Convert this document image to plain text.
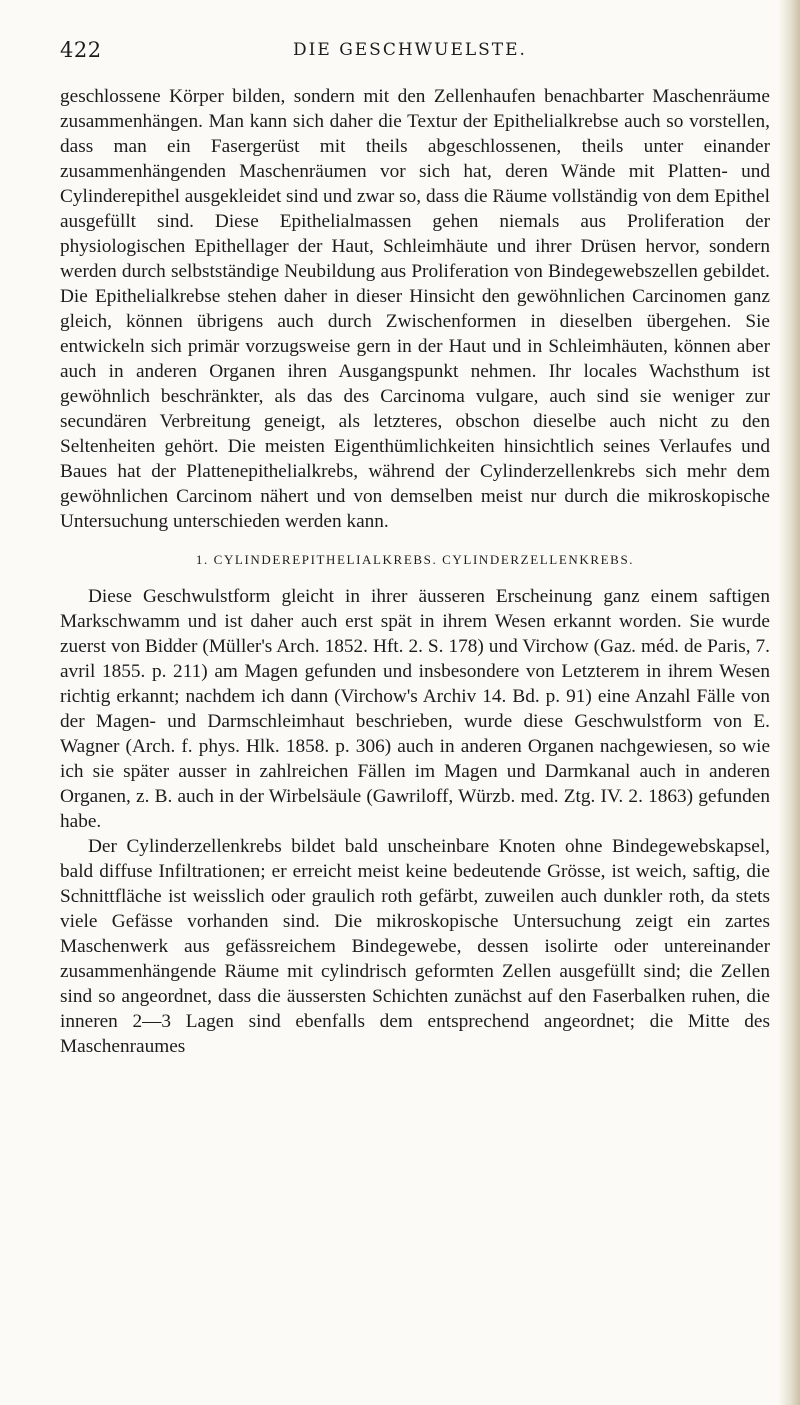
422	DIE GESCHWUELSTE.

geschlossene Körper bilden, sondern mit den Zellenhaufen benachbarter Maschenräume zusammenhängen. Man kann sich daher die Textur der Epithelialkrebse auch so vorstellen, dass man ein Fasergerüst mit theils abgeschlossenen, theils unter einander zusammenhängenden Maschenräumen vor sich hat, deren Wände mit Platten- und Cylinderepithel ausgekleidet sind und zwar so, dass die Räume vollständig von dem Epithel ausgefüllt sind. Diese Epithelialmassen gehen niemals aus Proliferation der physiologischen Epithellager der Haut, Schleimhäute und ihrer Drüsen hervor, sondern werden durch selbstständige Neubildung aus Proliferation von Bindegewebszellen gebildet. Die Epithelialkrebse stehen daher in dieser Hinsicht den gewöhnlichen Carcinomen ganz gleich, können übrigens auch durch Zwischenformen in dieselben übergehen. Sie entwickeln sich primär vorzugsweise gern in der Haut und in Schleimhäuten, können aber auch in anderen Organen ihren Ausgangspunkt nehmen. Ihr locales Wachsthum ist gewöhnlich beschränkter, als das des Carcinoma vulgare, auch sind sie weniger zur secundären Verbreitung geneigt, als letzteres, obschon dieselbe auch nicht zu den Seltenheiten gehört. Die meisten Eigenthümlichkeiten hinsichtlich seines Verlaufes und Baues hat der Plattenepithelialkrebs, während der Cylinderzellenkrebs sich mehr dem gewöhnlichen Carcinom nähert und von demselben meist nur durch die mikroskopische Untersuchung unterschieden werden kann.

1. CYLINDEREPITHELIALKREBS. CYLINDERZELLENKREBS.

Diese Geschwulstform gleicht in ihrer äusseren Erscheinung ganz einem saftigen Markschwamm und ist daher auch erst spät in ihrem Wesen erkannt worden. Sie wurde zuerst von Bidder (Müller's Arch. 1852. Hft. 2. S. 178) und Virchow (Gaz. méd. de Paris, 7. avril 1855. p. 211) am Magen gefunden und insbesondere von Letzterem in ihrem Wesen richtig erkannt; nachdem ich dann (Virchow's Archiv 14. Bd. p. 91) eine Anzahl Fälle von der Magen- und Darmschleimhaut beschrieben, wurde diese Geschwulstform von E. Wagner (Arch. f. phys. Hlk. 1858. p. 306) auch in anderen Organen nachgewiesen, so wie ich sie später ausser in zahlreichen Fällen im Magen und Darmkanal auch in anderen Organen, z. B. auch in der Wirbelsäule (Gawriloff, Würzb. med. Ztg. IV. 2. 1863) gefunden habe.

Der Cylinderzellenkrebs bildet bald unscheinbare Knoten ohne Bindegewebskapsel, bald diffuse Infiltrationen; er erreicht meist keine bedeutende Grösse, ist weich, saftig, die Schnittfläche ist weisslich oder graulich roth gefärbt, zuweilen auch dunkler roth, da stets viele Gefässe vorhanden sind. Die mikroskopische Untersuchung zeigt ein zartes Maschenwerk aus gefässreichem Bindegewebe, dessen isolirte oder untereinander zusammenhängende Räume mit cylindrisch geformten Zellen ausgefüllt sind; die Zellen sind so angeordnet, dass die äussersten Schichten zunächst auf den Faserbalken ruhen, die inneren 2—3 Lagen sind ebenfalls dem entsprechend angeordnet; die Mitte des Maschenraumes
